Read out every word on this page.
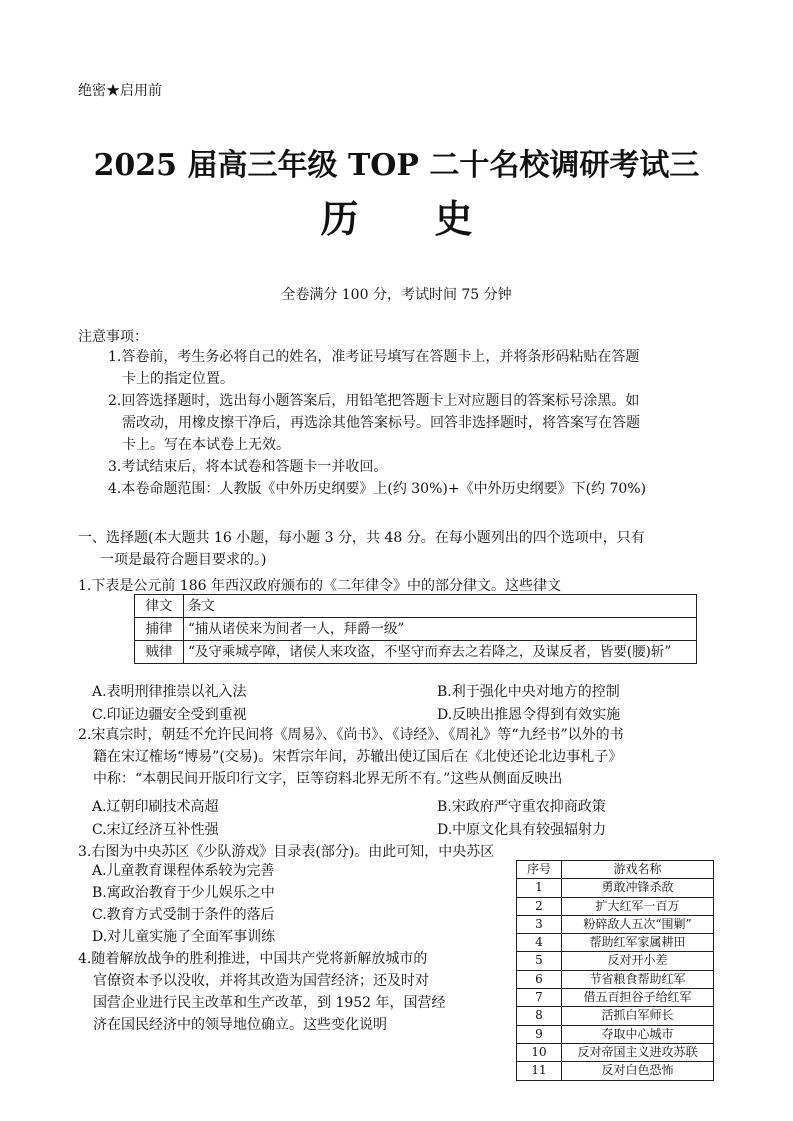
绝密★启用前
2025 届高三年级 TOP 二十名校调研考试三
历　　史
全卷满分 100 分，考试时间 75 分钟
注意事项：
1.答卷前，考生务必将自己的姓名，准考证号填写在答题卡上，并将条形码粘贴在答题
卡上的指定位置。
2.回答选择题时，选出每小题答案后，用铅笔把答题卡上对应题目的答案标号涂黑。如
需改动，用橡皮擦干净后，再选涂其他答案标号。回答非选择题时，将答案写在答题
卡上。写在本试卷上无效。
3.考试结束后，将本试卷和答题卡一并收回。
4.本卷命题范围：人教版《中外历史纲要》上(约 30%)+《中外历史纲要》下(约 70%)
一、选择题(本大题共 16 小题，每小题 3 分，共 48 分。在每小题列出的四个选项中，只有
一项是最符合题目要求的。)
1.下表是公元前 186 年西汉政府颁布的《二年律令》中的部分律文。这些律文
律文	条文
捕律	“捕从诸侯来为间者一人，拜爵一级”
贼律	“及守乘城亭障，诸侯人来攻盗，不坚守而弃去之若降之，及谋反者，皆要(腰)斩”
A.表明刑律推崇以礼入法	B.利于强化中央对地方的控制
C.印证边疆安全受到重视	D.反映出推恩令得到有效实施
2.宋真宗时，朝廷不允许民间将《周易》、《尚书》、《诗经》、《周礼》等“九经书”以外的书
籍在宋辽榷场“博易”(交易)。宋哲宗年间，苏辙出使辽国后在《北使还论北边事札子》
中称：“本朝民间开版印行文字，臣等窃料北界无所不有。”这些从侧面反映出
A.辽朝印刷技术高超	B.宋政府严守重农抑商政策
C.宋辽经济互补性强	D.中原文化具有较强辐射力
3.右图为中央苏区《少队游戏》目录表(部分)。由此可知，中央苏区
A.儿童教育课程体系较为完善
B.寓政治教育于少儿娱乐之中
C.教育方式受制于条件的落后
D.对儿童实施了全面军事训练
序号	游戏名称
1	勇敢冲锋杀敌
2	扩大红军一百万
3	粉碎敌人五次“围剿”
4	帮助红军家属耕田
5	反对开小差
6	节省粮食帮助红军
7	借五百担谷子给红军
8	活抓白军师长
9	夺取中心城市
10	反对帝国主义进攻苏联
11	反对白色恐怖
4.随着解放战争的胜利推进，中国共产党将新解放城市的
官僚资本予以没收，并将其改造为国营经济；还及时对
国营企业进行民主改革和生产改革，到 1952 年，国营经
济在国民经济中的领导地位确立。这些变化说明
